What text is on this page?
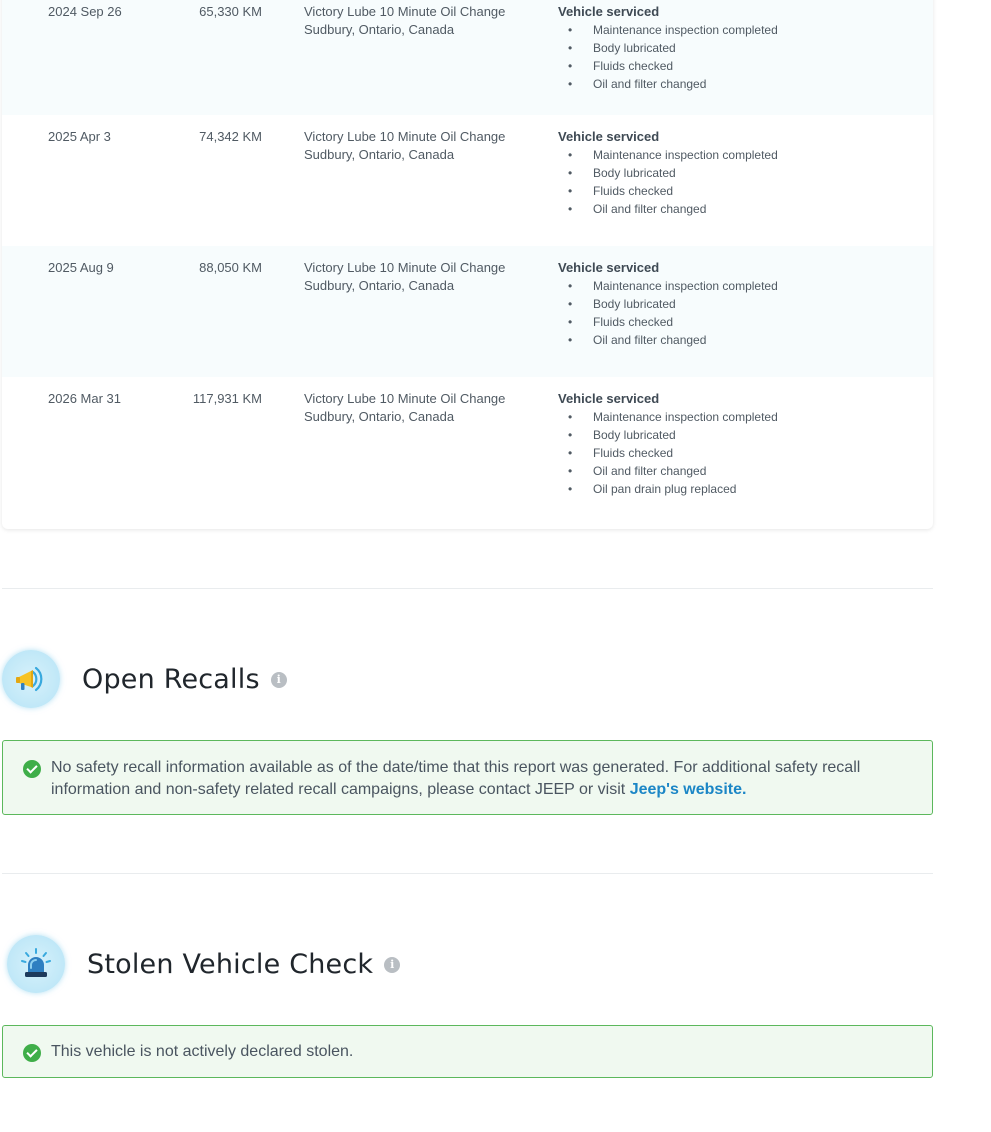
2024 Sep 26	65,330 KM	Victory Lube 10 Minute Oil Change
Sudbury, Ontario, Canada
Vehicle serviced
• Maintenance inspection completed
• Body lubricated
• Fluids checked
• Oil and filter changed
2025 Apr 3	74,342 KM	Victory Lube 10 Minute Oil Change
Sudbury, Ontario, Canada
Vehicle serviced
• Maintenance inspection completed
• Body lubricated
• Fluids checked
• Oil and filter changed
2025 Aug 9	88,050 KM	Victory Lube 10 Minute Oil Change
Sudbury, Ontario, Canada
Vehicle serviced
• Maintenance inspection completed
• Body lubricated
• Fluids checked
• Oil and filter changed
2026 Mar 31	117,931 KM	Victory Lube 10 Minute Oil Change
Sudbury, Ontario, Canada
Vehicle serviced
• Maintenance inspection completed
• Body lubricated
• Fluids checked
• Oil and filter changed
• Oil pan drain plug replaced
Open Recalls	i
No safety recall information available as of the date/time that this report was generated. For additional safety recall information and non-safety related recall campaigns, please contact JEEP or visit Jeep's website.
Stolen Vehicle Check	i
This vehicle is not actively declared stolen.
